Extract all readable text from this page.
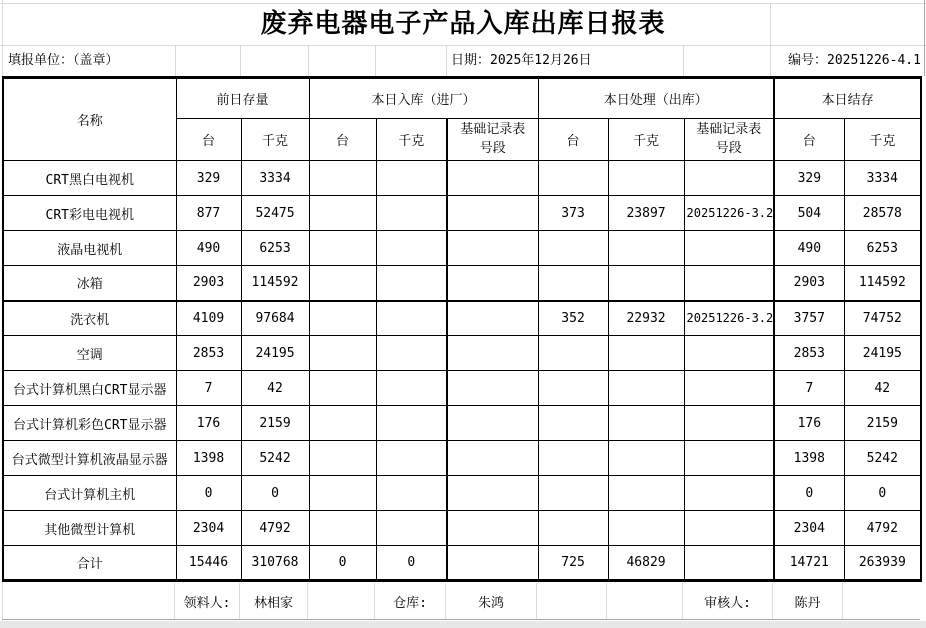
废弃电器电子产品入库出库日报表
填报单位：（盖章）	日期：2025年12月26日	编号：20251226-4.1
名称	前日存量		本日入库（进厂）			本日处理（出库）			本日结存	
	台	千克	台	千克	基础记录表号段	台	千克	基础记录表号段	台	千克
CRT黑白电视机	329	3334							329	3334
CRT彩电电视机	877	52475				373	23897	20251226-3.2	504	28578
液晶电视机	490	6253							490	6253
冰箱	2903	114592							2903	114592
洗衣机	4109	97684				352	22932	20251226-3.2	3757	74752
空调	2853	24195							2853	24195
台式计算机黑白CRT显示器	7	42							7	42
台式计算机彩色CRT显示器	176	2159							176	2159
台式微型计算机液晶显示器	1398	5242							1398	5242
台式计算机主机	0	0							0	0
其他微型计算机	2304	4792							2304	4792
合计	15446	310768	0	0		725	46829		14721	263939
领料人:	林相家	仓库:	朱鸿	审核人:	陈丹
